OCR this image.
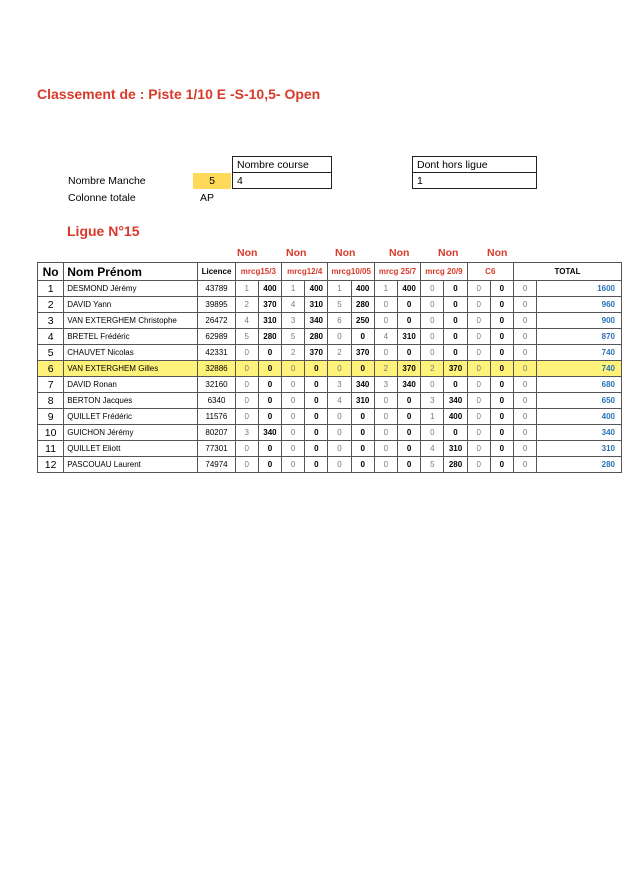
Classement de : Piste 1/10 E -S-10,5- Open
Nombre course
4
Dont hors ligue
1
5
Nombre Manche
Colonne totale	AP
Ligue N°15
Non	Non	Non	Non	Non	Non
No	Nom Prénom	Licence	mrcg15/3		mrcg12/4		mrcg10/05		mrcg 25/7		mrcg 20/9		C6		TOTAL	
1	DESMOND Jérémy	43789	1	400	1	400	1	400	1	400	0	0	0	0	0	1600
2	DAVID Yann	39895	2	370	4	310	5	280	0	0	0	0	0	0	0	960
3	VAN EXTERGHEM Christophe	26472	4	310	3	340	6	250	0	0	0	0	0	0	0	900
4	BRETEL Frédéric	62989	5	280	5	280	0	0	4	310	0	0	0	0	0	870
5	CHAUVET Nicolas	42331	0	0	2	370	2	370	0	0	0	0	0	0	0	740
6	VAN EXTERGHEM Gilles	32886	0	0	0	0	0	0	2	370	2	370	0	0	0	740
7	DAVID Ronan	32160	0	0	0	0	3	340	3	340	0	0	0	0	0	680
8	BERTON Jacques	6340	0	0	0	0	4	310	0	0	3	340	0	0	0	650
9	QUILLET Frédéric	11576	0	0	0	0	0	0	0	0	1	400	0	0	0	400
10	GUICHON Jérémy	80207	3	340	0	0	0	0	0	0	0	0	0	0	0	340
11	QUILLET Eliott	77301	0	0	0	0	0	0	0	0	4	310	0	0	0	310
12	PASCOUAU Laurent	74974	0	0	0	0	0	0	0	0	5	280	0	0	0	280
